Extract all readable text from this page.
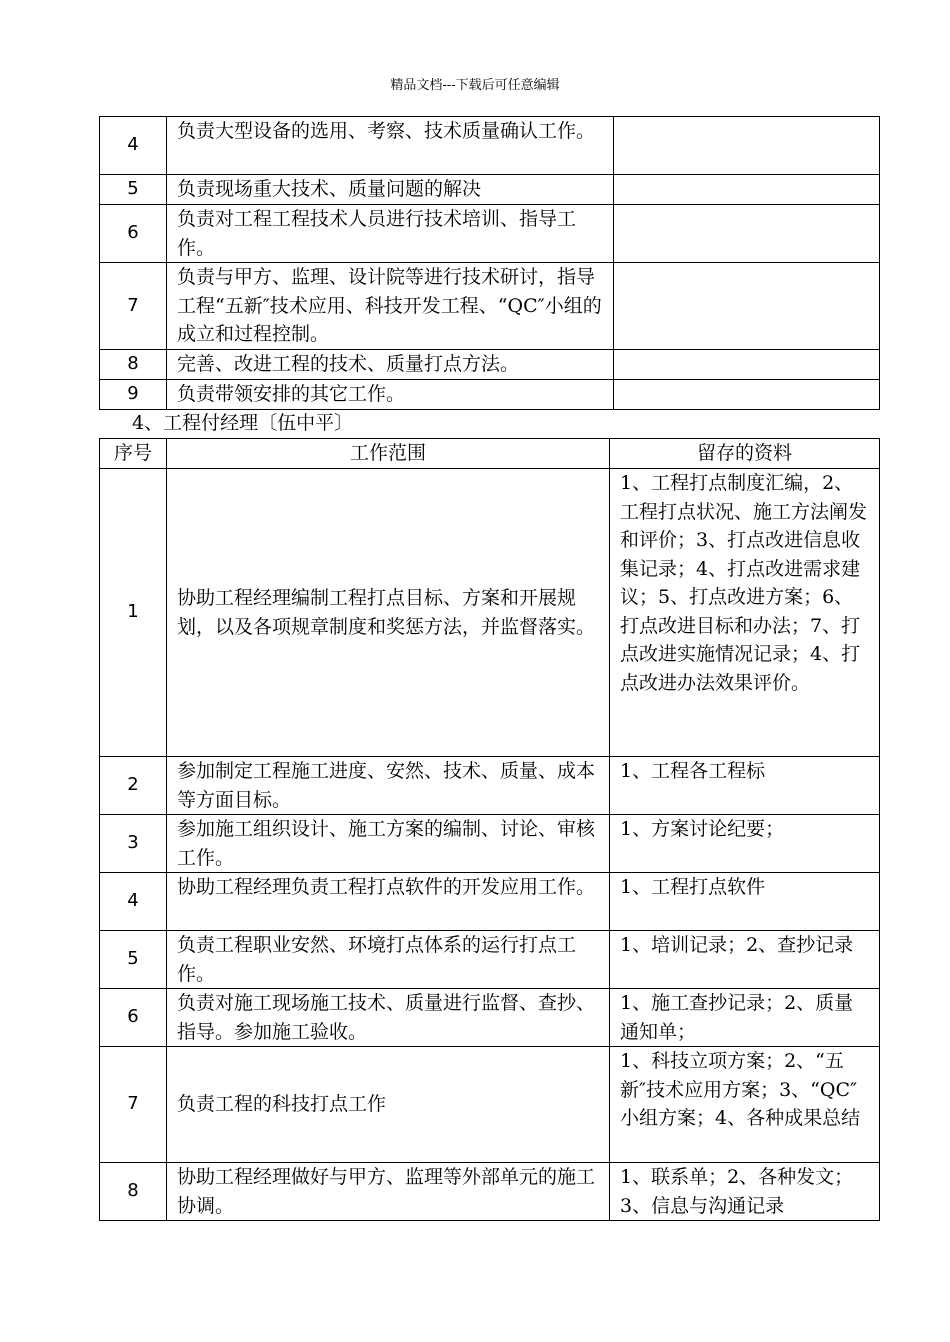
精品文档---下载后可任意编辑
4	负责大型设备的选用、考察、技术质量确认工作。	
5	负责现场重大技术、质量问题的解决	
6	负责对工程工程技术人员进行技术培训、指导工作。	
7	负责与甲方、监理、设计院等进行技术研讨，指导工程“五新″技术应用、科技开发工程、“QC″小组的成立和过程控制。	
8	完善、改进工程的技术、质量打点方法。	
9	负责带领安排的其它工作。	
4、工程付经理〔伍中平〕
序号	工作范围	留存的资料
1	协助工程经理编制工程打点目标、方案和开展规划，以及各项规章制度和奖惩方法，并监督落实。	1、工程打点制度汇编，2、工程打点状况、施工方法阐发和评价；3、打点改进信息收集记录；4、打点改进需求建议；5、打点改进方案；6、打点改进目标和办法；7、打点改进实施情况记录；4、打点改进办法效果评价。
2	参加制定工程施工进度、安然、技术、质量、成本等方面目标。	1、工程各工程标
3	参加施工组织设计、施工方案的编制、讨论、审核工作。	1、方案讨论纪要；
4	协助工程经理负责工程打点软件的开发应用工作。	1、工程打点软件
5	负责工程职业安然、环境打点体系的运行打点工作。	1、培训记录；2、查抄记录
6	负责对施工现场施工技术、质量进行监督、查抄、指导。参加施工验收。	1、施工查抄记录；2、质量通知单；
7	负责工程的科技打点工作	1、科技立项方案；2、“五新″技术应用方案；3、“QC″小组方案；4、各种成果总结
8	协助工程经理做好与甲方、监理等外部单元的施工协调。	1、联系单；2、各种发文；3、信息与沟通记录
